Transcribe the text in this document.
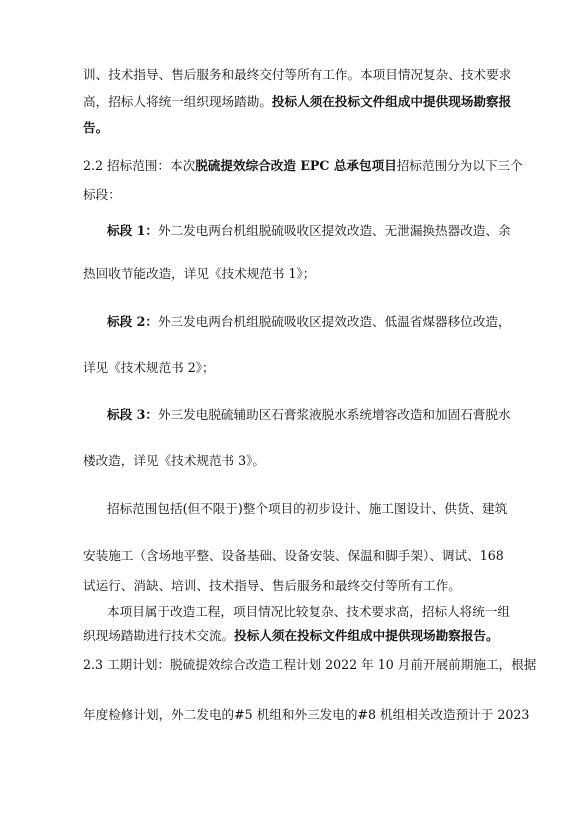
训、技术指导、售后服务和最终交付等所有工作。本项目情况复杂、技术要求
高，招标人将统一组织现场踏勘。投标人须在投标文件组成中提供现场勘察报
告。
2.2 招标范围：本次脱硫提效综合改造 EPC 总承包项目招标范围分为以下三个
标段：
标段 1：外二发电两台机组脱硫吸收区提效改造、无泄漏换热器改造、余
热回收节能改造，详见《技术规范书 1》；
标段 2：外三发电两台机组脱硫吸收区提效改造、低温省煤器移位改造，
详见《技术规范书 2》；
标段 3：外三发电脱硫辅助区石膏浆液脱水系统增容改造和加固石膏脱水
楼改造，详见《技术规范书 3》。
招标范围包括(但不限于)整个项目的初步设计、施工图设计、供货、建筑
安装施工（含场地平整、设备基础、设备安装、保温和脚手架）、调试、168
试运行、消缺、培训、技术指导、售后服务和最终交付等所有工作。
本项目属于改造工程，项目情况比较复杂、技术要求高，招标人将统一组
织现场踏勘进行技术交流。投标人须在投标文件组成中提供现场勘察报告。
2.3 工期计划：脱硫提效综合改造工程计划 2022 年 10 月前开展前期施工，根据
年度检修计划，外二发电的#5 机组和外三发电的#8 机组相关改造预计于 2023
